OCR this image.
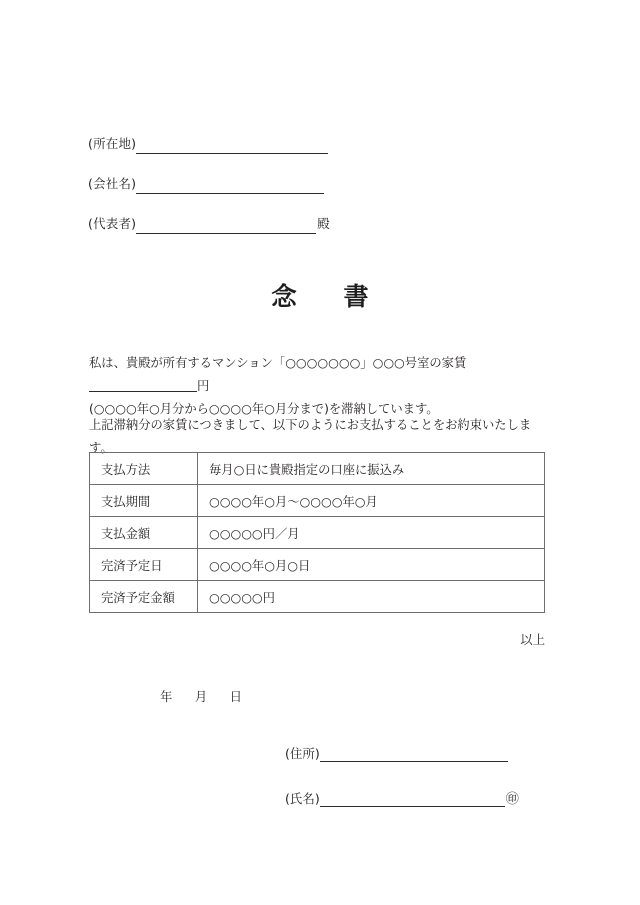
(所在地)
(会社名)
(代表者)	殿
念　書
私は、貴殿が所有するマンション「○○○○○○○」○○○号室の家賃円
(○○○○年○月分から○○○○年○月分まで)を滞納しています。
上記滞納分の家賃につきまして、以下のようにお支払することをお約束いたします。
支払方法	毎月○日に貴殿指定の口座に振込み
支払期間	○○○○年○月～○○○○年○月
支払金額	○○○○○円／月
完済予定日	○○○○年○月○日
完済予定金額	○○○○○円
以上
年 月 日
(住所)
(氏名)	㊞
